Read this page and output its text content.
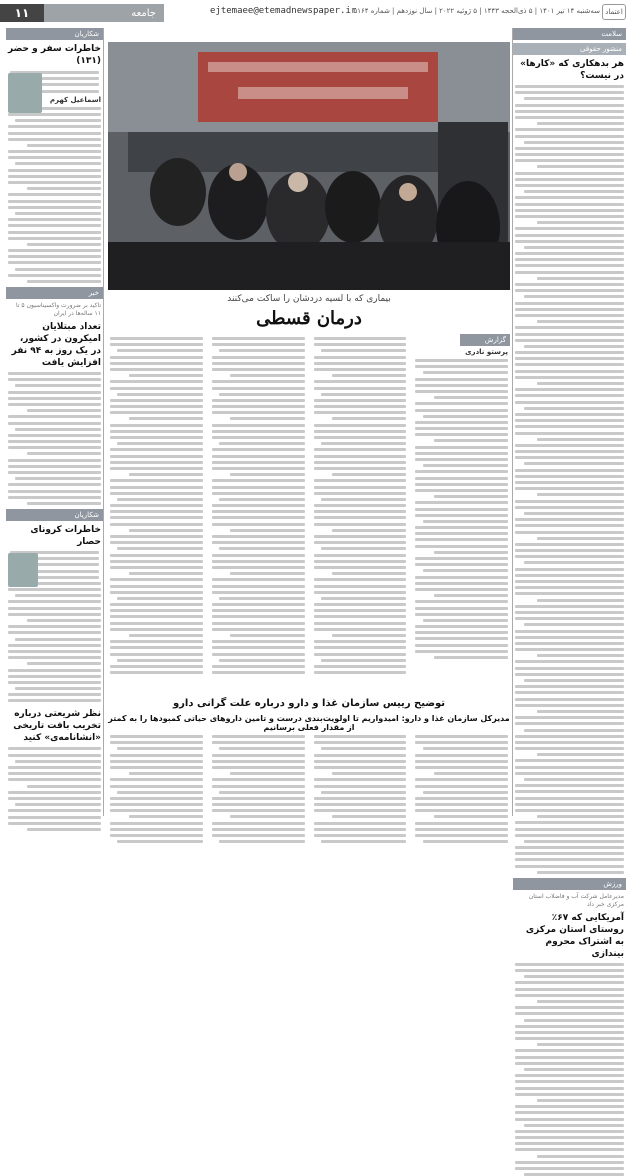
۱۱	جامعه	ejtemaee@etemadnewspaper.ir
سه‌شنبه ۱۴ تیر ۱۴۰۱ | ۵ ذی‌الحجه ۱۴۴۳ | ۵ ژوئیه ۲۰۲۲ | سال نوزدهم | شماره ۵۱۶۴ اعتماد
شکاریان
خاطرات سفر و حضر (۱۳۱)
اسماعیل کهرم
خبر
تاکید بر ضرورت واکسیناسیون ۵ تا ۱۱ ساله‌ها در ایران
تعداد مبتلایان امیکرون در کشور، در یک روز به ۹۴ نفر افزایش یافت
شکاریان
خاطرات کرونای حصار
نظر شریعتی درباره تخریب بافت تاریخی «انشا‌نامه‌ی» کنید
بیماری که با لسیه دردشان را ساکت می‌کنند
درمان قسطی
گزارش
پرستو نادری
توضیح رییس سازمان غذا و دارو درباره علت گرانی دارو
مدیرکل سازمان غذا و دارو: امیدواریم تا اولویت‌بندی درست و تامین داروهای حیاتی کمبودها را به کمتر از مقدار فعلی برسانیم
سلامت
منشور حقوقی
هر بدهکاری که «کارها» در نیست؟
ورزش
مدیرعامل شرکت آب و فاضلاب استان مرکزی خبر داد
آمریکایی که ۶۷٪ روستای استان مرکزی به اشتراک محروم بیندازی
